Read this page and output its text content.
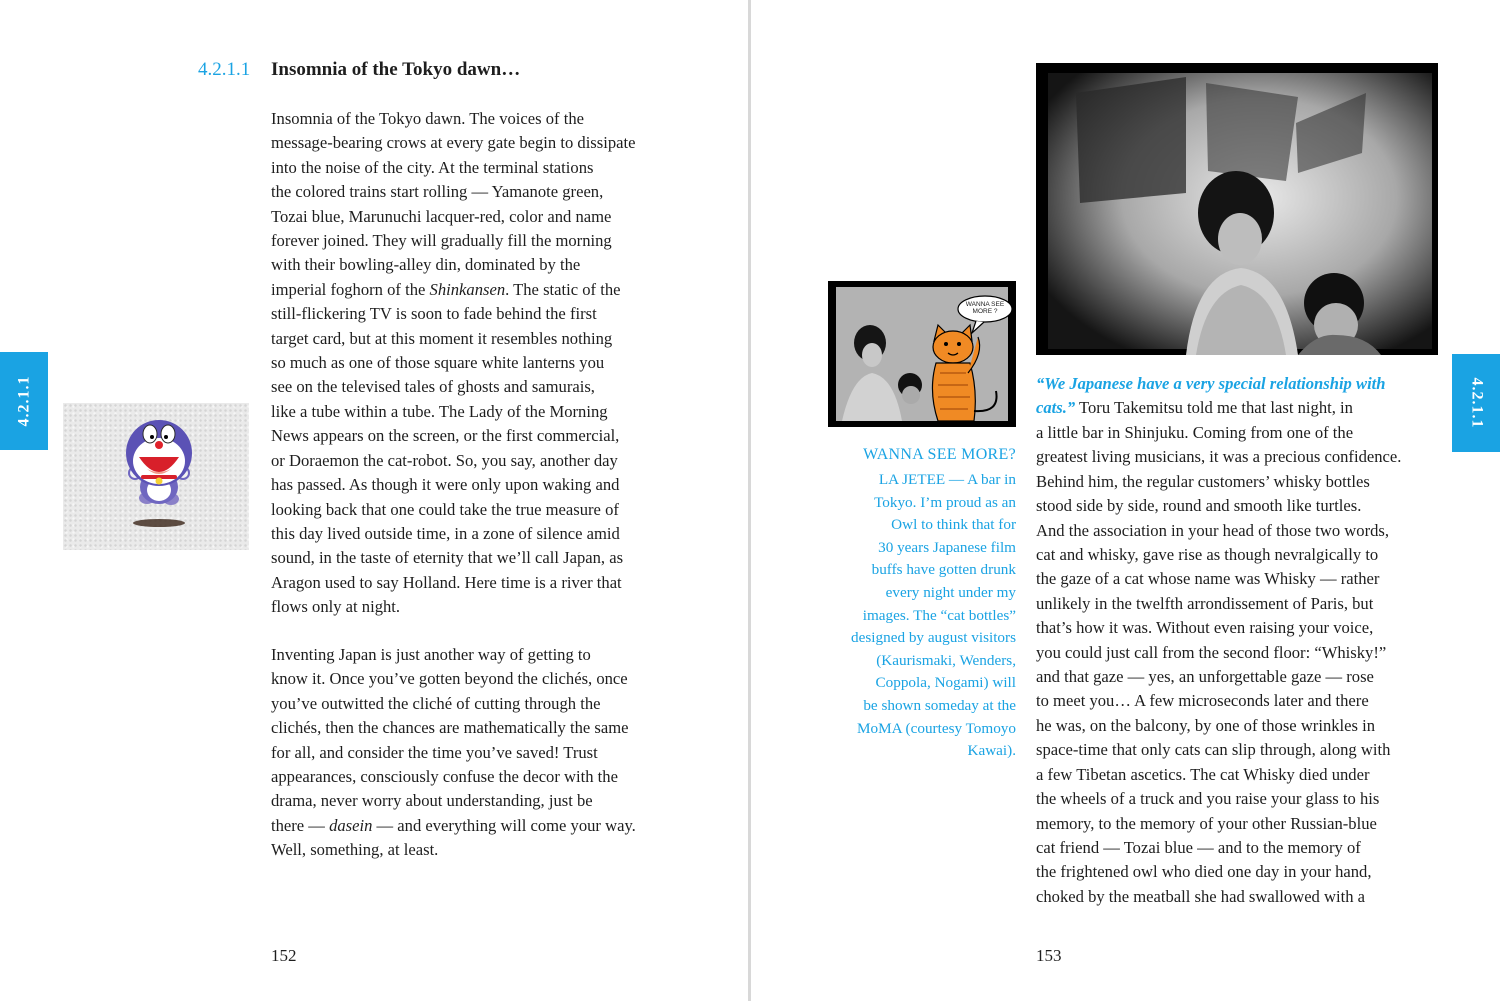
4.2.1.1 Insomnia of the Tokyo dawn…

Insomnia of the Tokyo dawn. The voices of the
message-bearing crows at every gate begin to dissipate
into the noise of the city. At the terminal stations
the colored trains start rolling — Yamanote green,
Tozai blue, Marunuchi lacquer-red, color and name
forever joined. They will gradually fill the morning
with their bowling-alley din, dominated by the
imperial foghorn of the Shinkansen. The static of the
still-flickering TV is soon to fade behind the first
target card, but at this moment it resembles nothing
so much as one of those square white lanterns you
see on the televised tales of ghosts and samurais,
like a tube within a tube. The Lady of the Morning
News appears on the screen, or the first commercial,
or Doraemon the cat-robot. So, you say, another day
has passed. As though it were only upon waking and
looking back that one could take the true measure of
this day lived outside time, in a zone of silence amid
sound, in the taste of eternity that we’ll call Japan, as
Aragon used to say Holland. Here time is a river that
flows only at night.

Inventing Japan is just another way of getting to
know it. Once you’ve gotten beyond the clichés, once
you’ve outwitted the cliché of cutting through the
clichés, then the chances are mathematically the same
for all, and consider the time you’ve saved! Trust
appearances, consciously confuse the decor with the
drama, never worry about understanding, just be
there — dasein — and everything will come your way.
Well, something, at least.

4.2.1.1
152
WANNA SEE MORE ?

WANNA SEE MORE?

LA JETEE — A bar in
Tokyo. I’m proud as an
Owl to think that for
30 years Japanese film
buffs have gotten drunk
every night under my
images. The “cat bottles”
designed by august visitors
(Kaurismaki, Wenders,
Coppola, Nogami) will
be shown someday at the
MoMA (courtesy Tomoyo
Kawai).

“We Japanese have a very special relationship with
cats.” Toru Takemitsu told me that last night, in

a little bar in Shinjuku. Coming from one of the
greatest living musicians, it was a precious confidence.
Behind him, the regular customers’ whisky bottles
stood side by side, round and smooth like turtles.
And the association in your head of those two words,
cat and whisky, gave rise as though nevralgically to
the gaze of a cat whose name was Whisky — rather
unlikely in the twelfth arrondissement of Paris, but
that’s how it was. Without even raising your voice,
you could just call from the second floor: “Whisky!”
and that gaze — yes, an unforgettable gaze — rose
to meet you… A few microseconds later and there
he was, on the balcony, by one of those wrinkles in
space-time that only cats can slip through, along with
a few Tibetan ascetics. The cat Whisky died under
the wheels of a truck and you raise your glass to his
memory, to the memory of your other Russian-blue
cat friend — Tozai blue — and to the memory of
the frightened owl who died one day in your hand,
choked by the meatball she had swallowed with a

4.2.1.1
153
